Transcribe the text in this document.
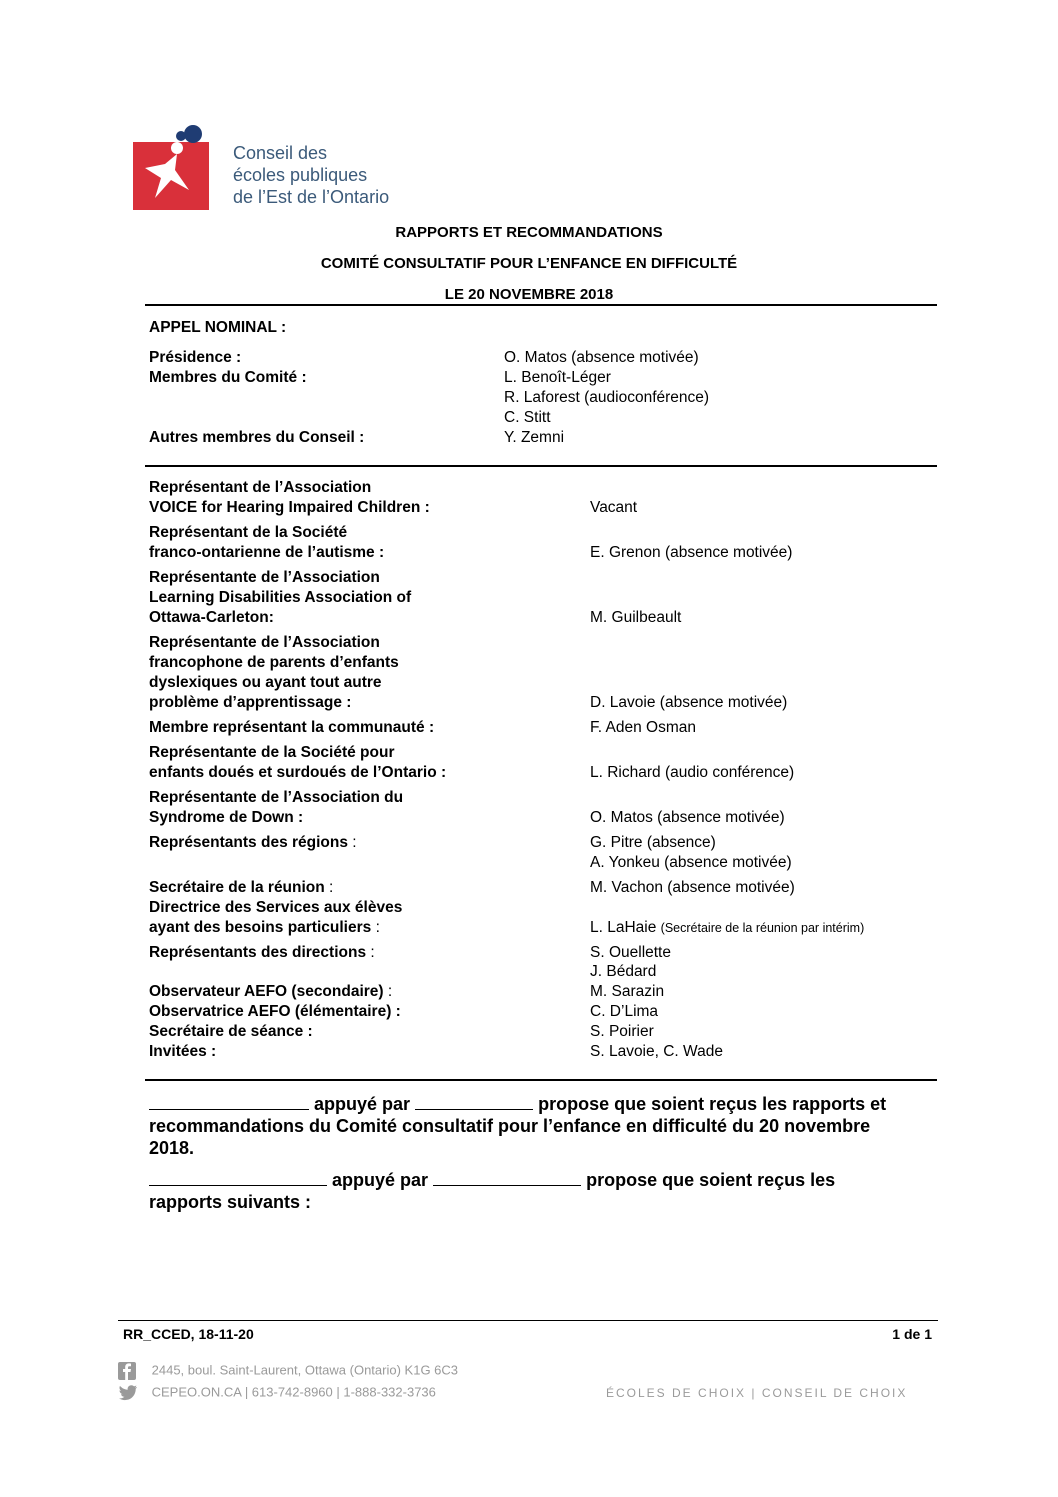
Conseil des
écoles publiques
de l’Est de l’Ontario
RAPPORTS ET RECOMMANDATIONS
COMITÉ CONSULTATIF POUR L’ENFANCE EN DIFFICULTÉ
LE 20 NOVEMBRE 2018
APPEL NOMINAL :
Présidence :	O. Matos (absence motivée)
Membres du Comité :	L. Benoît-Léger
R. Laforest (audioconférence)
C. Stitt
Autres membres du Conseil :	Y. Zemni
Représentant de l’Association
VOICE for Hearing Impaired Children :	Vacant
Représentant de la Société
franco-ontarienne de l’autisme :	E. Grenon (absence motivée)
Représentante de l’Association
Learning Disabilities Association of
Ottawa-Carleton:	M. Guilbeault
Représentante de l’Association
francophone de parents d’enfants
dyslexiques ou ayant tout autre
problème d’apprentissage :	D. Lavoie (absence motivée)
Membre représentant la communauté :	F. Aden Osman
Représentante de la Société pour
enfants doués et surdoués de l’Ontario :	L. Richard (audio conférence)
Représentante de l’Association du
Syndrome de Down :	O. Matos (absence motivée)
Représentants des régions :	G. Pitre (absence)
A. Yonkeu (absence motivée)
Secrétaire de la réunion :	M. Vachon (absence motivée)
Directrice des Services aux élèves
ayant des besoins particuliers :	L. LaHaie (Secrétaire de la réunion par intérim)
Représentants des directions :	S. Ouellette
J. Bédard
Observateur AEFO (secondaire) :	M. Sarazin
Observatrice AEFO (élémentaire) :	C. D’Lima
Secrétaire de séance :	S. Poirier
Invitées :	S. Lavoie, C. Wade
appuyé par	propose que soient reçus les rapports et
recommandations du Comité consultatif pour l’enfance en difficulté du 20 novembre
2018.
appuyé par	propose que soient reçus les
rapports suivants :
RR_CCED, 18-11-20	1 de 1
2445, boul. Saint-Laurent, Ottawa (Ontario) K1G 6C3
CEPEO.ON.CA | 613-742-8960 | 1-888-332-3736	ÉCOLES DE CHOIX | CONSEIL DE CHOIX
